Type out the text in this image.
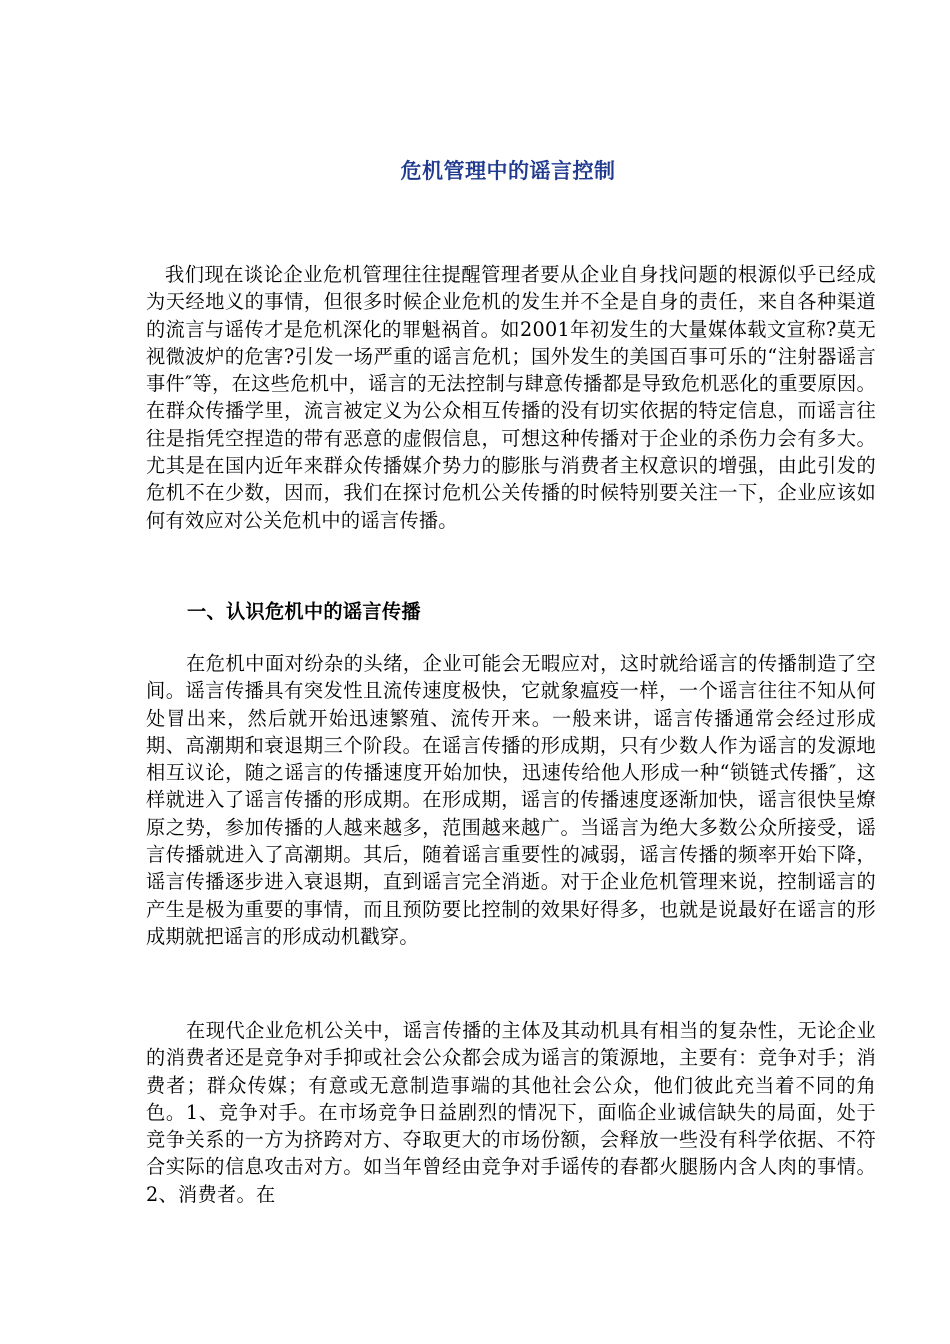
危机管理中的谣言控制

我们现在谈论企业危机管理往往提醒管理者要从企业自身找问题的根源似乎已经成为天经地义的事情，但很多时候企业危机的发生并不全是自身的责任，来自各种渠道的流言与谣传才是危机深化的罪魁祸首。如2001年初发生的大量媒体载文宣称?莫无视微波炉的危害?引发一场严重的谣言危机；国外发生的美国百事可乐的“注射器谣言事件″等，在这些危机中，谣言的无法控制与肆意传播都是导致危机恶化的重要原因。在群众传播学里，流言被定义为公众相互传播的没有切实依据的特定信息，而谣言往往是指凭空捏造的带有恶意的虚假信息，可想这种传播对于企业的杀伤力会有多大。尤其是在国内近年来群众传播媒介势力的膨胀与消费者主权意识的增强，由此引发的危机不在少数，因而，我们在探讨危机公关传播的时候特别要关注一下，企业应该如何有效应对公关危机中的谣言传播。

一、认识危机中的谣言传播

在危机中面对纷杂的头绪，企业可能会无暇应对，这时就给谣言的传播制造了空间。谣言传播具有突发性且流传速度极快，它就象瘟疫一样，一个谣言往往不知从何处冒出来，然后就开始迅速繁殖、流传开来。一般来讲，谣言传播通常会经过形成期、高潮期和衰退期三个阶段。在谣言传播的形成期，只有少数人作为谣言的发源地相互议论，随之谣言的传播速度开始加快，迅速传给他人形成一种“锁链式传播″，这样就进入了谣言传播的形成期。在形成期，谣言的传播速度逐渐加快，谣言很快呈燎原之势，参加传播的人越来越多，范围越来越广。当谣言为绝大多数公众所接受，谣言传播就进入了高潮期。其后，随着谣言重要性的减弱，谣言传播的频率开始下降，谣言传播逐步进入衰退期，直到谣言完全消逝。对于企业危机管理来说，控制谣言的产生是极为重要的事情，而且预防要比控制的效果好得多，也就是说最好在谣言的形成期就把谣言的形成动机戳穿。

在现代企业危机公关中，谣言传播的主体及其动机具有相当的复杂性，无论企业的消费者还是竞争对手抑或社会公众都会成为谣言的策源地，主要有：竞争对手；消费者；群众传媒；有意或无意制造事端的其他社会公众，他们彼此充当着不同的角色。1、竞争对手。在市场竞争日益剧烈的情况下，面临企业诚信缺失的局面，处于竞争关系的一方为挤跨对方、夺取更大的市场份额，会释放一些没有科学依据、不符合实际的信息攻击对方。如当年曾经由竞争对手谣传的春都火腿肠内含人肉的事情。2、消费者。在
